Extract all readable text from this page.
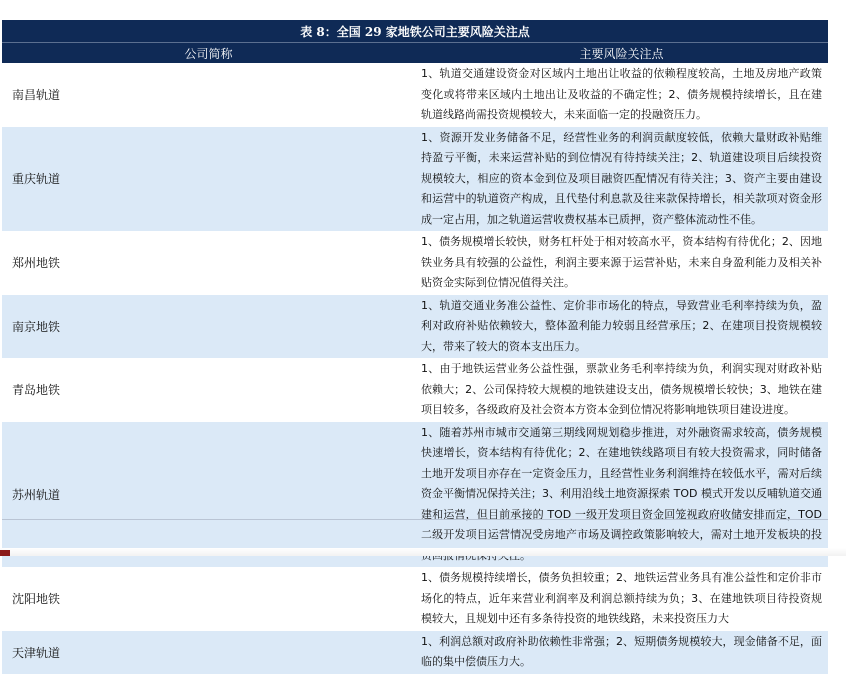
表 8：全国 29 家地铁公司主要风险关注点	
公司简称	主要风险关注点
南昌轨道	1、轨道交通建设资金对区域内土地出让收益的依赖程度较高，土地及房地产政策变化或将带来区域内土地出让及收益的不确定性；2、债务规模持续增长，且在建轨道线路尚需投资规模较大，未来面临一定的投融资压力。
重庆轨道	1、资源开发业务储备不足，经营性业务的利润贡献度较低，依赖大量财政补贴维持盈亏平衡，未来运营补贴的到位情况有待持续关注；2、轨道建设项目后续投资规模较大，相应的资本金到位及项目融资匹配情况有待关注；3、资产主要由建设和运营中的轨道资产构成，且代垫付利息款及往来款保持增长，相关款项对资金形成一定占用，加之轨道运营收费权基本已质押，资产整体流动性不佳。
郑州地铁	1、债务规模增长较快，财务杠杆处于相对较高水平，资本结构有待优化；2、因地铁业务具有较强的公益性，利润主要来源于运营补贴，未来自身盈利能力及相关补贴资金实际到位情况值得关注。
南京地铁	1、轨道交通业务准公益性、定价非市场化的特点，导致营业毛利率持续为负，盈利对政府补贴依赖较大，整体盈利能力较弱且经营承压；2、在建项目投资规模较大，带来了较大的资本支出压力。
青岛地铁	1、由于地铁运营业务公益性强，票款业务毛利率持续为负，利润实现对财政补贴依赖大；2、公司保持较大规模的地铁建设支出，债务规模增长较快；3、地铁在建项目较多，各级政府及社会资本方资本金到位情况将影响地铁项目建设进度。
苏州轨道	1、随着苏州市城市交通第三期线网规划稳步推进，对外融资需求较高，债务规模快速增长，资本结构有待优化；2、在建地铁线路项目有较大投资需求，同时储备土地开发项目亦存在一定资金压力，且经营性业务利润维持在较低水平，需对后续资金平衡情况保持关注；3、利用沿线土地资源探索 TOD 模式开发以反哺轨道交通建和运营，但目前承接的 TOD 一级开发项目资金回笼视政府收储安排而定，TOD 二级开发项目运营情况受房地产市场及调控政策影响较大，需对土地开发板块的投
沈阳地铁	1、债务规模持续增长，债务负担较重；2、地铁运营业务具有准公益性和定价非市场化的特点，近年来营业利润率及利润总额持续为负；3、在建地铁项目待投资规模较大，且规划中还有多条待投资的地铁线路，未来投资压力大
天津轨道	1、利润总额对政府补助依赖性非常强；2、短期债务规模较大，现金储备不足，面临的集中偿债压力大。
